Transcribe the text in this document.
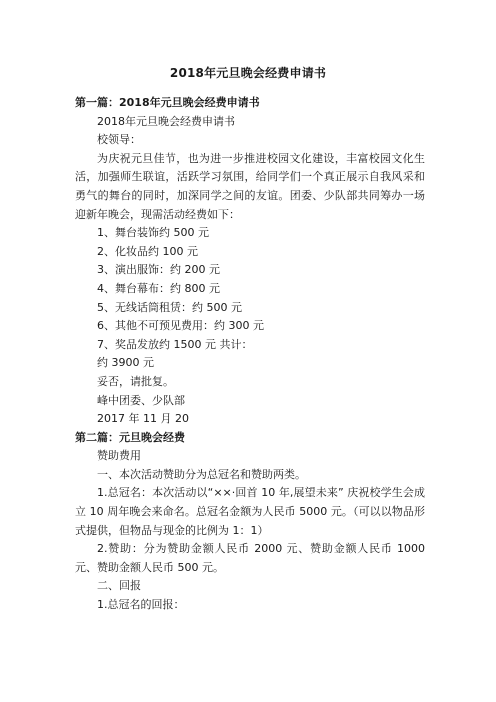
2018年元旦晚会经费申请书
第一篇：2018年元旦晚会经费申请书
2018年元旦晚会经费申请书
校领导：
为庆祝元旦佳节，也为进一步推进校园文化建设，丰富校园文化生活，加强师生联谊，活跃学习氛围，给同学们一个真正展示自我风采和勇气的舞台的同时，加深同学之间的友谊。团委、少队部共同筹办一场迎新年晚会，现需活动经费如下：
1、舞台装饰约 500 元
2、化妆品约 100 元
3、演出服饰：约 200 元
4、舞台幕布：约 800 元
5、无线话筒租赁：约 500 元
6、其他不可预见费用：约 300 元
7、奖品发放约 1500 元 共计：
约 3900 元
妥否，请批复。
峰中团委、少队部
2017 年 11 月 20
第二篇：元旦晚会经费
赞助费用
一、本次活动赞助分为总冠名和赞助两类。
1.总冠名：本次活动以“××·回首 10 年,展望未来” 庆祝校学生会成立 10 周年晚会来命名。总冠名金额为人民币 5000 元。（可以以物品形式提供，但物品与现金的比例为 1：1）
2.赞助：分为赞助金额人民币 2000 元、赞助金额人民币 1000 元、赞助金额人民币 500 元。
二、回报
1.总冠名的回报：
